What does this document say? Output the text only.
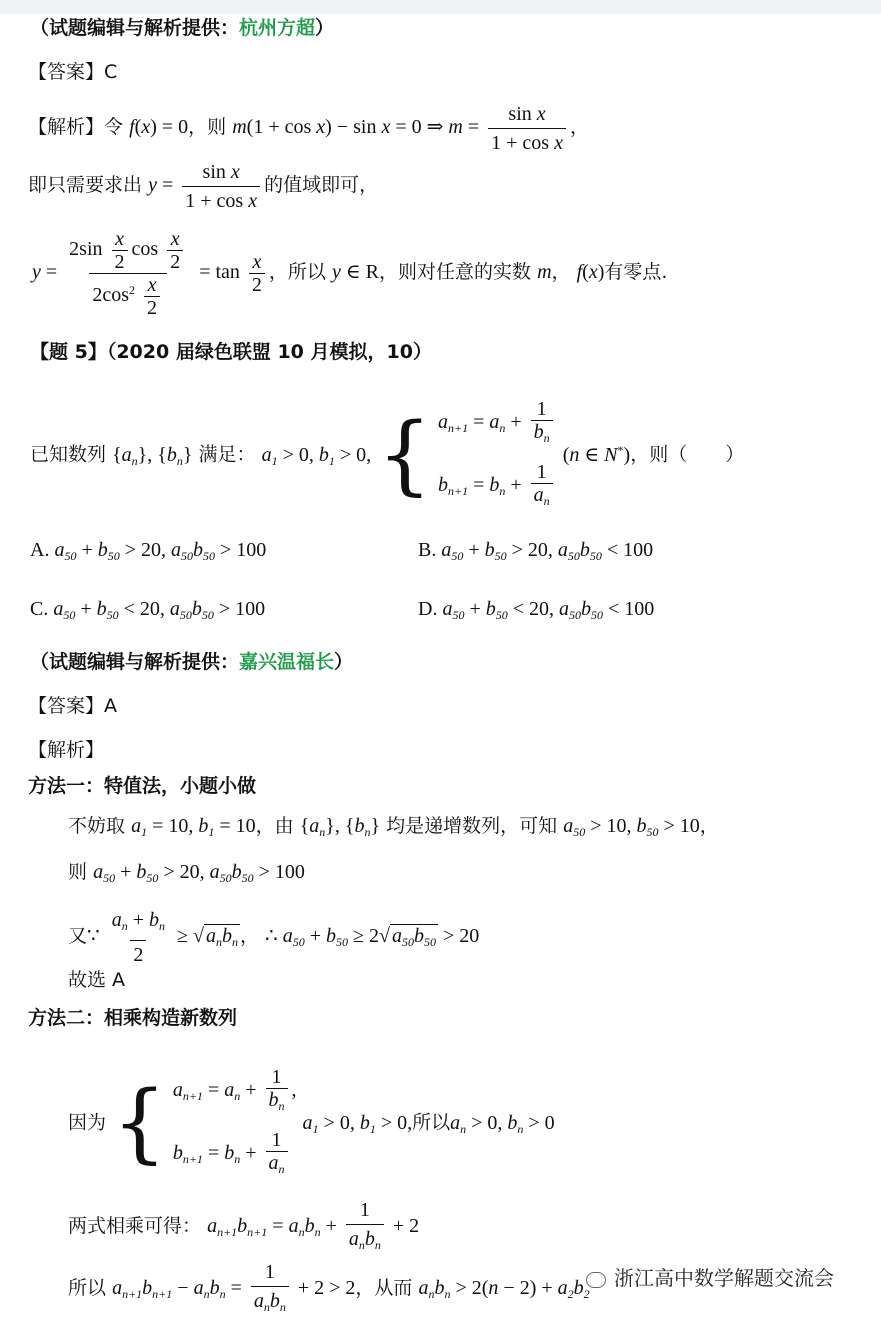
（试题编辑与解析提供：杭州方超）
【答案】C
【解析】令 f(x) = 0，则 m(1 + cos x) − sin x = 0 ⇒ $m = \frac{\text{sin x}}{\text{1 + cos x}}$ ，
即只需要求出 $y = \frac{\text{sin x}}{\text{1 + cos x}}$ 的值域即可，
$y = \frac{2\sin \frac{x}{2} \cos \frac{x}{2}}{2\cos^2 \frac{x}{2}} = \tan \frac{x}{2}$ ，所以 y ∈ R，则对任意的实数 m， f(x)有零点.
【题 5】（2020 届绿色联盟 10 月模拟，10）
已知数列 $\{a_n\}$, $\{b_n\}$ 满足： $a_1 > 0$, $b_1 > 0$, { $a_{n+1} = a_n + \frac{1}{b_n}$
$b_{n+1} = b_n + \frac{1}{a_n}$
(n ∈ N*)，则（　　）
A. $a_{50} + b_{50} > 20$, $a_{50}b_{50} > 100$	B. $a_{50} + b_{50} > 20$, $a_{50}b_{50} < 100$
C. $a_{50} + b_{50} < 20$, $a_{50}b_{50} > 100$	D. $a_{50} + b_{50} < 20$, $a_{50}b_{50} < 100$
（试题编辑与解析提供：嘉兴温福长）
【答案】A
【解析】
方法一：特值法，小题小做
不妨取 $a_1 = 10$, $b_1 = 10$，由 $\{a_n\}$, $\{b_n\}$ 均是递增数列，可知 $a_{50} > 10$, $b_{50} > 10$，
则 $a_{50} + b_{50} > 20$, $a_{50}b_{50} > 100$
又∵ $\frac{a_n + b_n}{2}$ ≥ √ $a_nb_n$ ， ∴ $a_{50} + b_{50} \ge 2√$ $a_{50}b_{50} > 20$
故选 A
方法二：相乘构造新数列
因为 { $a_{n+1} = a_n + \frac{1}{b_n}$ ,
$b_{n+1} = b_n + \frac{1}{a_n}$
$a_1 > 0$, $b_1 > 0$,所以$a_n > 0$, $b_n > 0$
两式相乘可得： $a_{n+1}b_{n+1} = a_nb_n + \frac{1}{a_nb_n} + 2$
所以 $a_{n+1}b_{n+1} - a_nb_n = \frac{1}{a_nb_n} + 2 > 2$，从而 $a_nb_n > 2(n - 2) + a_2b_2$
浙江高中数学解题交流会
